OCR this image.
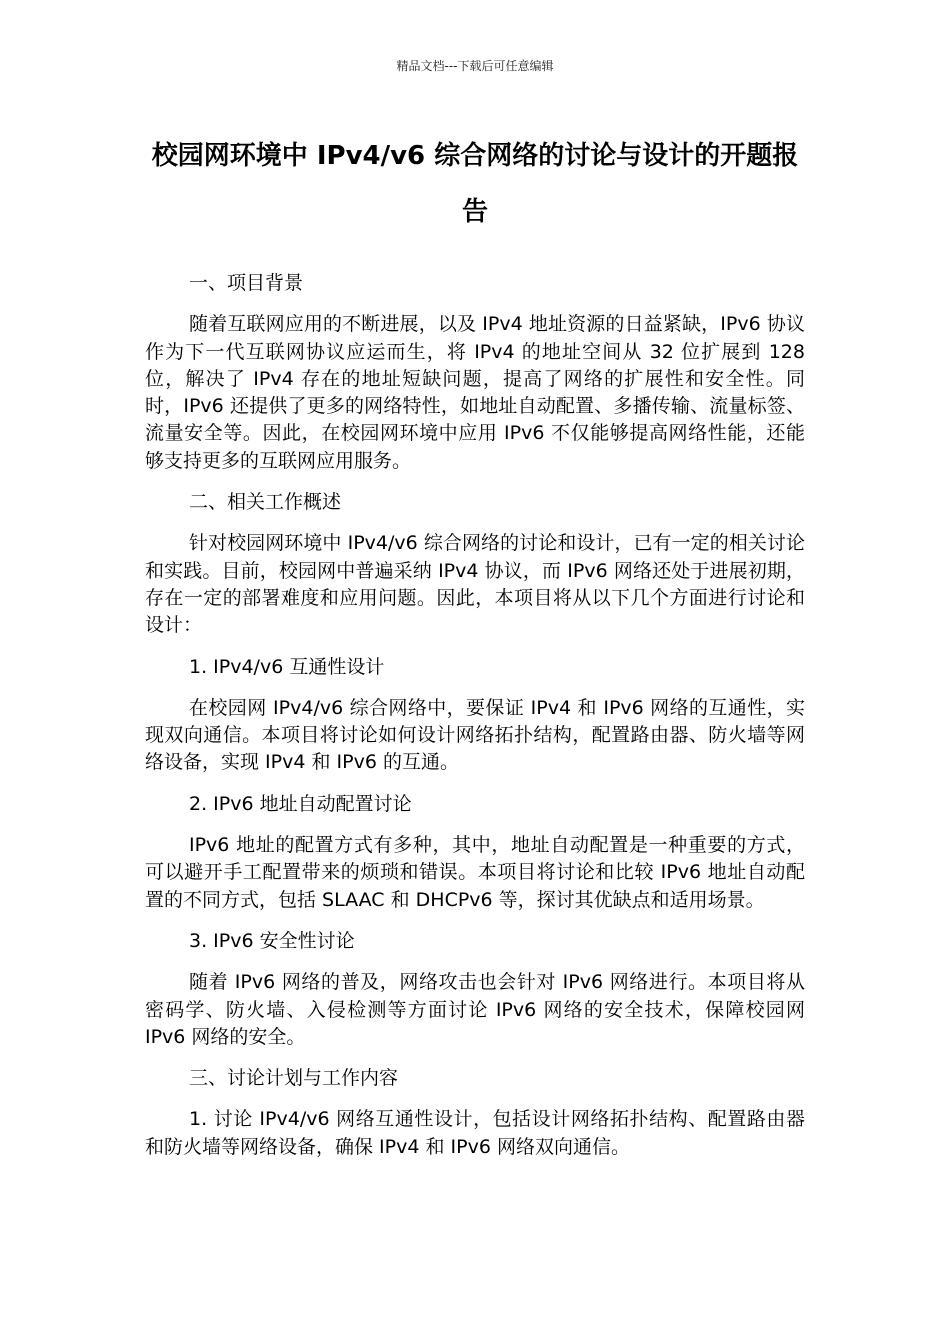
精品文档---下载后可任意编辑
校园网环境中 IPv4/v6 综合网络的讨论与设计的开题报告

一、项目背景

随着互联网应用的不断进展，以及 IPv4 地址资源的日益紧缺，IPv6 协议作为下一代互联网协议应运而生，将 IPv4 的地址空间从 32 位扩展到 128 位，解决了 IPv4 存在的地址短缺问题，提高了网络的扩展性和安全性。同时，IPv6 还提供了更多的网络特性，如地址自动配置、多播传输、流量标签、流量安全等。因此，在校园网环境中应用 IPv6 不仅能够提高网络性能，还能够支持更多的互联网应用服务。

二、相关工作概述

针对校园网环境中 IPv4/v6 综合网络的讨论和设计，已有一定的相关讨论和实践。目前，校园网中普遍采纳 IPv4 协议，而 IPv6 网络还处于进展初期，存在一定的部署难度和应用问题。因此，本项目将从以下几个方面进行讨论和设计：

1. IPv4/v6 互通性设计

在校园网 IPv4/v6 综合网络中，要保证 IPv4 和 IPv6 网络的互通性，实现双向通信。本项目将讨论如何设计网络拓扑结构，配置路由器、防火墙等网络设备，实现 IPv4 和 IPv6 的互通。

2. IPv6 地址自动配置讨论

IPv6 地址的配置方式有多种，其中，地址自动配置是一种重要的方式，可以避开手工配置带来的烦琐和错误。本项目将讨论和比较 IPv6 地址自动配置的不同方式，包括 SLAAC 和 DHCPv6 等，探讨其优缺点和适用场景。

3. IPv6 安全性讨论

随着 IPv6 网络的普及，网络攻击也会针对 IPv6 网络进行。本项目将从密码学、防火墙、入侵检测等方面讨论 IPv6 网络的安全技术，保障校园网 IPv6 网络的安全。

三、讨论计划与工作内容

1. 讨论 IPv4/v6 网络互通性设计，包括设计网络拓扑结构、配置路由器和防火墙等网络设备，确保 IPv4 和 IPv6 网络双向通信。
